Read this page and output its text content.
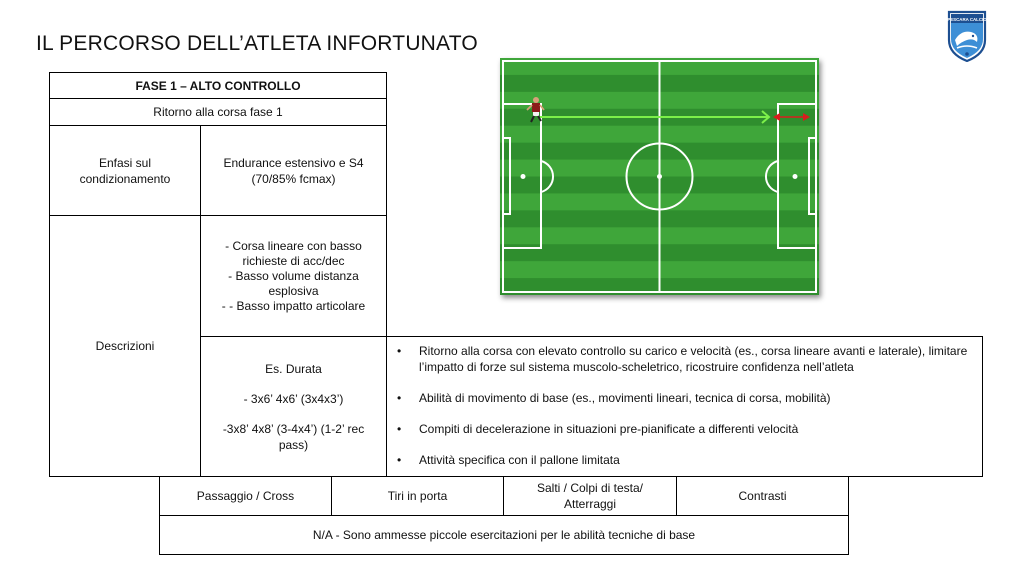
IL PERCORSO DELL’ATLETA INFORTUNATO
PESCARA CALCIO
FASE 1 – ALTO CONTROLLO
Ritorno alla corsa fase 1
Enfasi sul condizionamento
Endurance estensivo e S4 (70/85% fcmax)
Descrizioni
- Corsa lineare con basso richieste di acc/dec
- Basso volume distanza esplosiva
- - Basso impatto articolare
Es. Durata
- 3x6’ 4x6’ (3x4x3’)
-3x8’ 4x8’ (3-4x4’) (1-2’ rec pass)
• Ritorno alla corsa con elevato controllo su carico e velocità (es., corsa lineare avanti e laterale), limitare l’impatto di forze sul sistema muscolo-scheletrico, ricostruire confidenza nell’atleta
• Abilità di movimento di base (es., movimenti lineari, tecnica di corsa, mobilità)
• Compiti di decelerazione in situazioni pre-pianificate a differenti velocità
• Attività specifica con il pallone limitata
Passaggio / Cross	Tiri in porta
Salti / Colpi di testa/ Atterraggi
Contrasti
N/A - Sono ammesse piccole esercitazioni per le abilità tecniche di base
